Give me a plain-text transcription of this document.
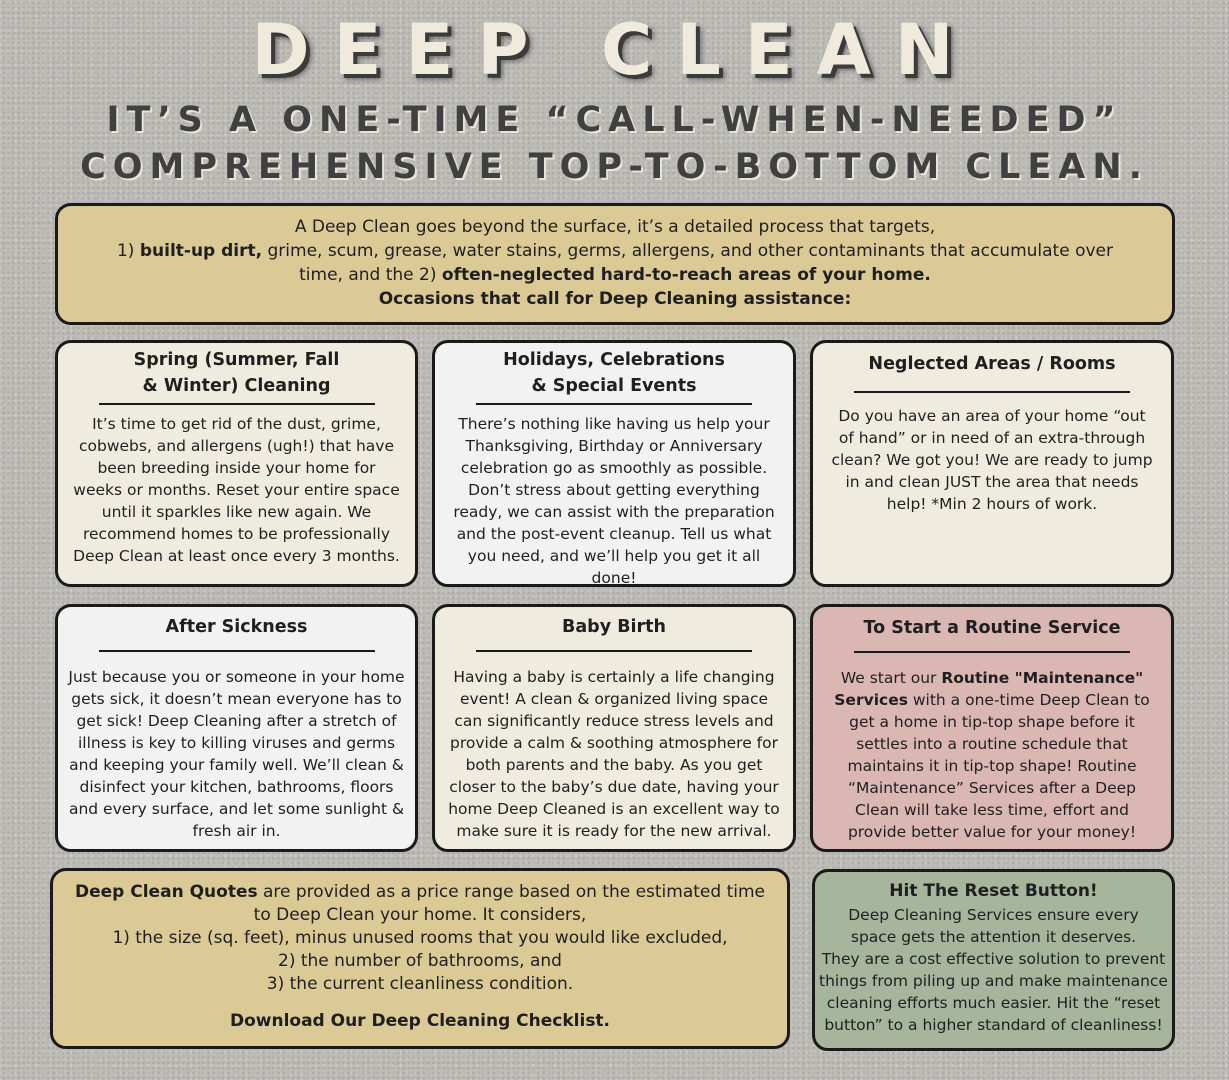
DEEP CLEAN
IT’S A ONE-TIME “CALL-WHEN-NEEDED”
COMPREHENSIVE TOP-TO-BOTTOM CLEAN.
A Deep Clean goes beyond the surface, it’s a detailed process that targets,
1) built-up dirt, grime, scum, grease, water stains, germs, allergens, and other contaminants that accumulate over time, and the 2) often-neglected hard-to-reach areas of your home.
Occasions that call for Deep Cleaning assistance:
Spring (Summer, Fall
& Winter) Cleaning

It’s time to get rid of the dust, grime, cobwebs, and allergens (ugh!) that have been breeding inside your home for weeks or months. Reset your entire space until it sparkles like new again. We recommend homes to be professionally Deep Clean at least once every 3 months.

Holidays, Celebrations
& Special Events

There’s nothing like having us help your Thanksgiving, Birthday or Anniversary celebration go as smoothly as possible. Don’t stress about getting everything ready, we can assist with the preparation and the post-event cleanup. Tell us what you need, and we’ll help you get it all done!

Neglected Areas / Rooms

Do you have an area of your home “out of hand” or in need of an extra-through clean? We got you! We are ready to jump in and clean JUST the area that needs help! *Min 2 hours of work.

After Sickness

Just because you or someone in your home gets sick, it doesn’t mean everyone has to get sick! Deep Cleaning after a stretch of illness is key to killing viruses and germs and keeping your family well. We’ll clean & disinfect your kitchen, bathrooms, floors and every surface, and let some sunlight & fresh air in.

Baby Birth

Having a baby is certainly a life changing event! A clean & organized living space can significantly reduce stress levels and provide a calm & soothing atmosphere for both parents and the baby. As you get closer to the baby’s due date, having your home Deep Cleaned is an excellent way to make sure it is ready for the new arrival.

To Start a Routine Service

We start our Routine "Maintenance" Services with a one-time Deep Clean to get a home in tip-top shape before it settles into a routine schedule that maintains it in tip-top shape! Routine “Maintenance” Services after a Deep Clean will take less time, effort and provide better value for your money!

Deep Clean Quotes are provided as a price range based on the estimated time to Deep Clean your home. It considers,
1) the size (sq. feet), minus unused rooms that you would like excluded,
2) the number of bathrooms, and
3) the current cleanliness condition.
Download Our Deep Cleaning Checklist.
Hit The Reset Button!

Deep Cleaning Services ensure every space gets the attention it deserves.

They are a cost effective solution to prevent things from piling up and make maintenance cleaning efforts much easier. Hit the “reset button” to a higher standard of cleanliness!
